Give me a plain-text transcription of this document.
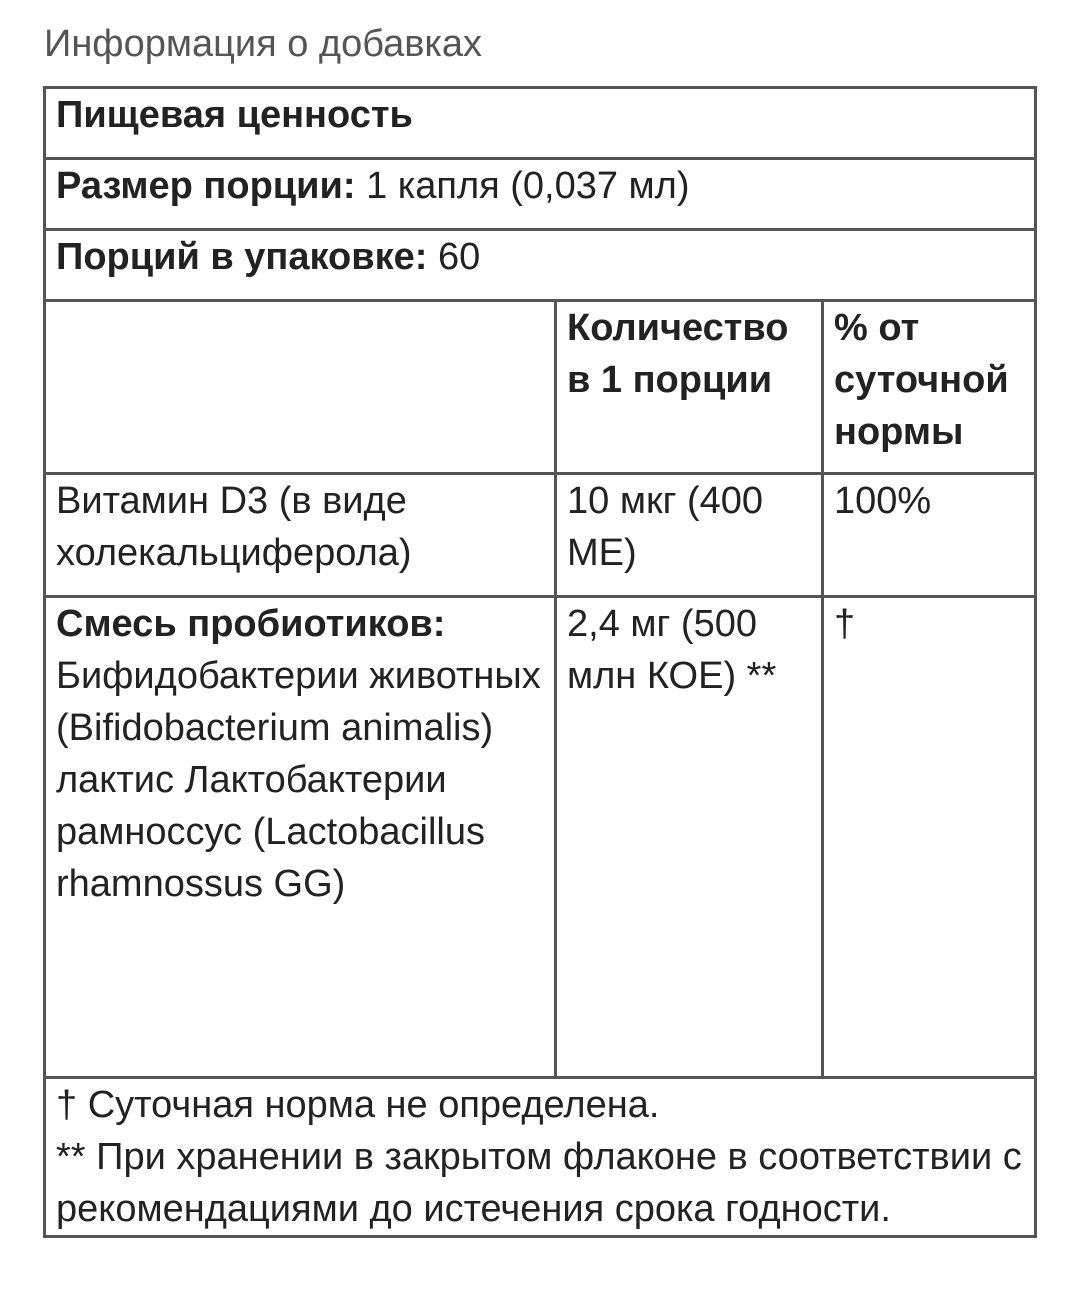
Информация о добавках
Пищевая ценность		
Размер порции: 1 капля (0,037 мл)		
Порций в упаковке: 60		
	Количество в 1 порции	% от суточной нормы
Витамин D3 (в виде холекальциферола)	10 мкг (400 МЕ)	100%

Смесь пробиотиков:
Бифидобактерии животных (Bifidobacterium animalis) лактис Лактобактерии рамноссус (Lactobacillus rhamnossus GG)	2,4 мг (500 млн КОЕ) **	†

† Суточная норма не определена.
** При хранении в закрытом флаконе в соответствии с рекомендациями до истечения срока годности.		
